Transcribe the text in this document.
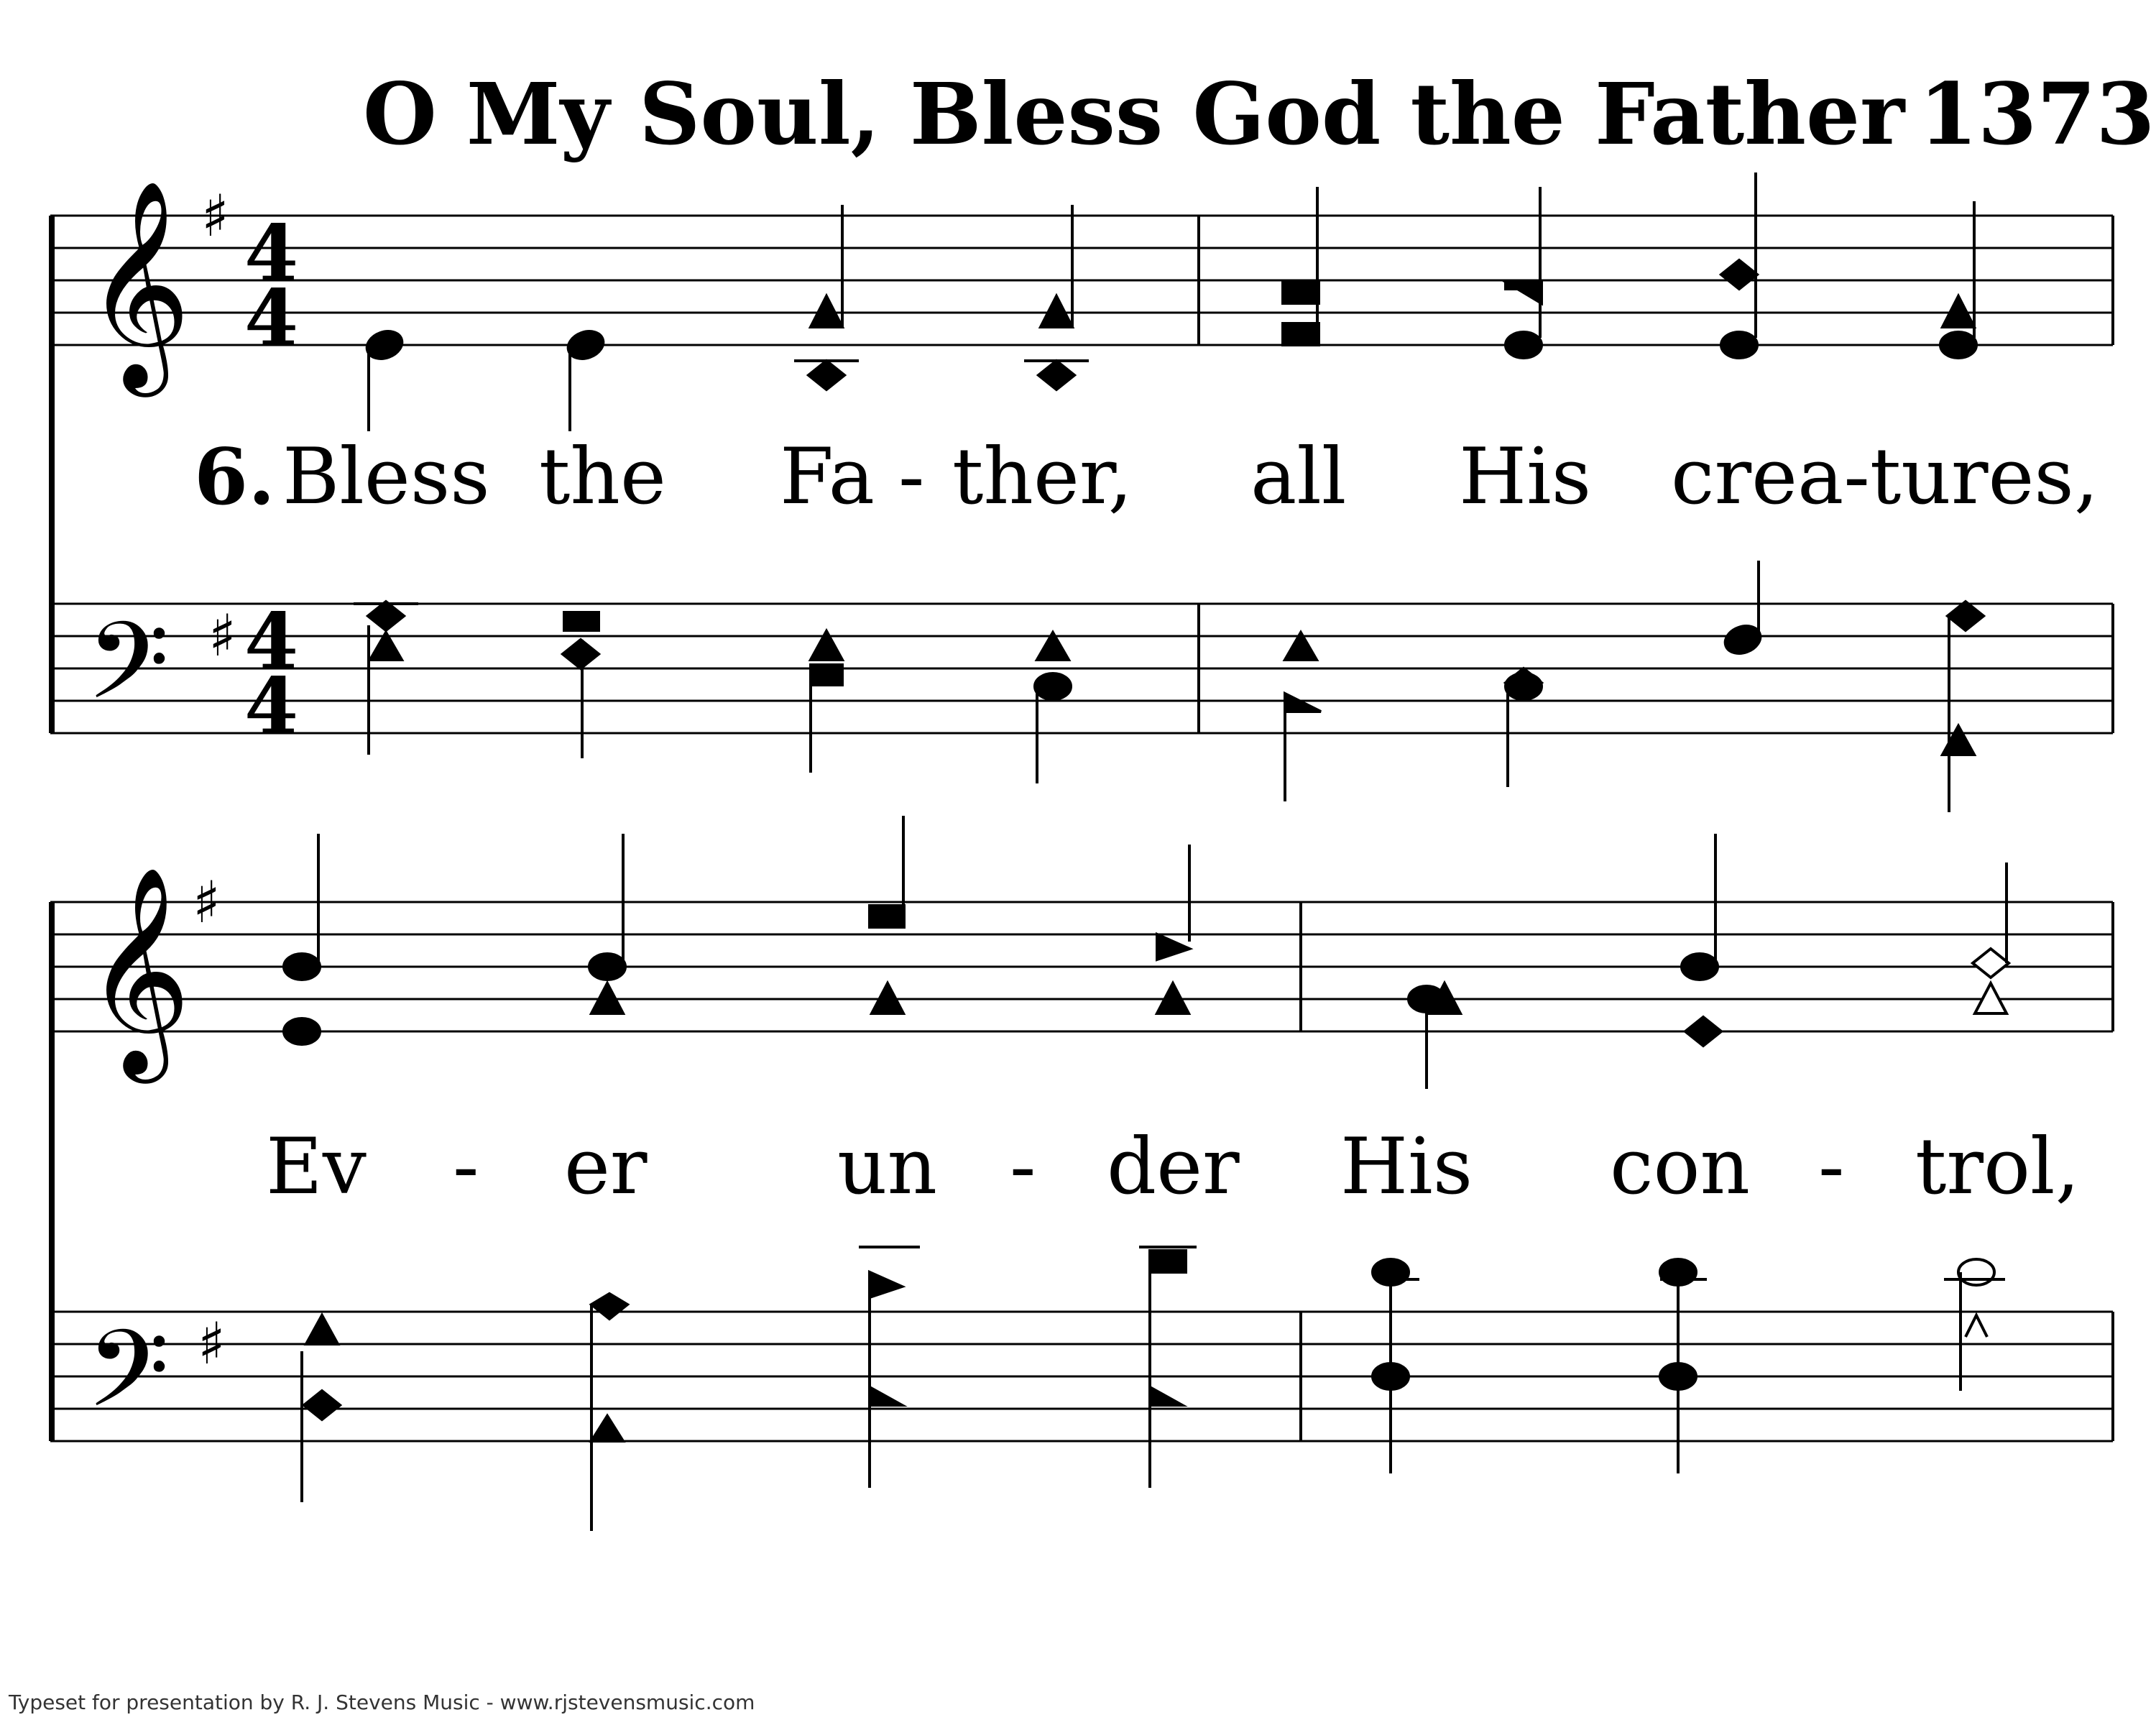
𝄞
𝄢
♯
♯
4
4
4
4
𝄞
𝄢
♯
♯
O My Soul, Bless God the Father 1373
6. Bless the Fa - ther, all His crea-tures,
Ev - er un - der His con - trol,
Typeset for presentation by R. J. Stevens Music - www.rjstevensmusic.com
